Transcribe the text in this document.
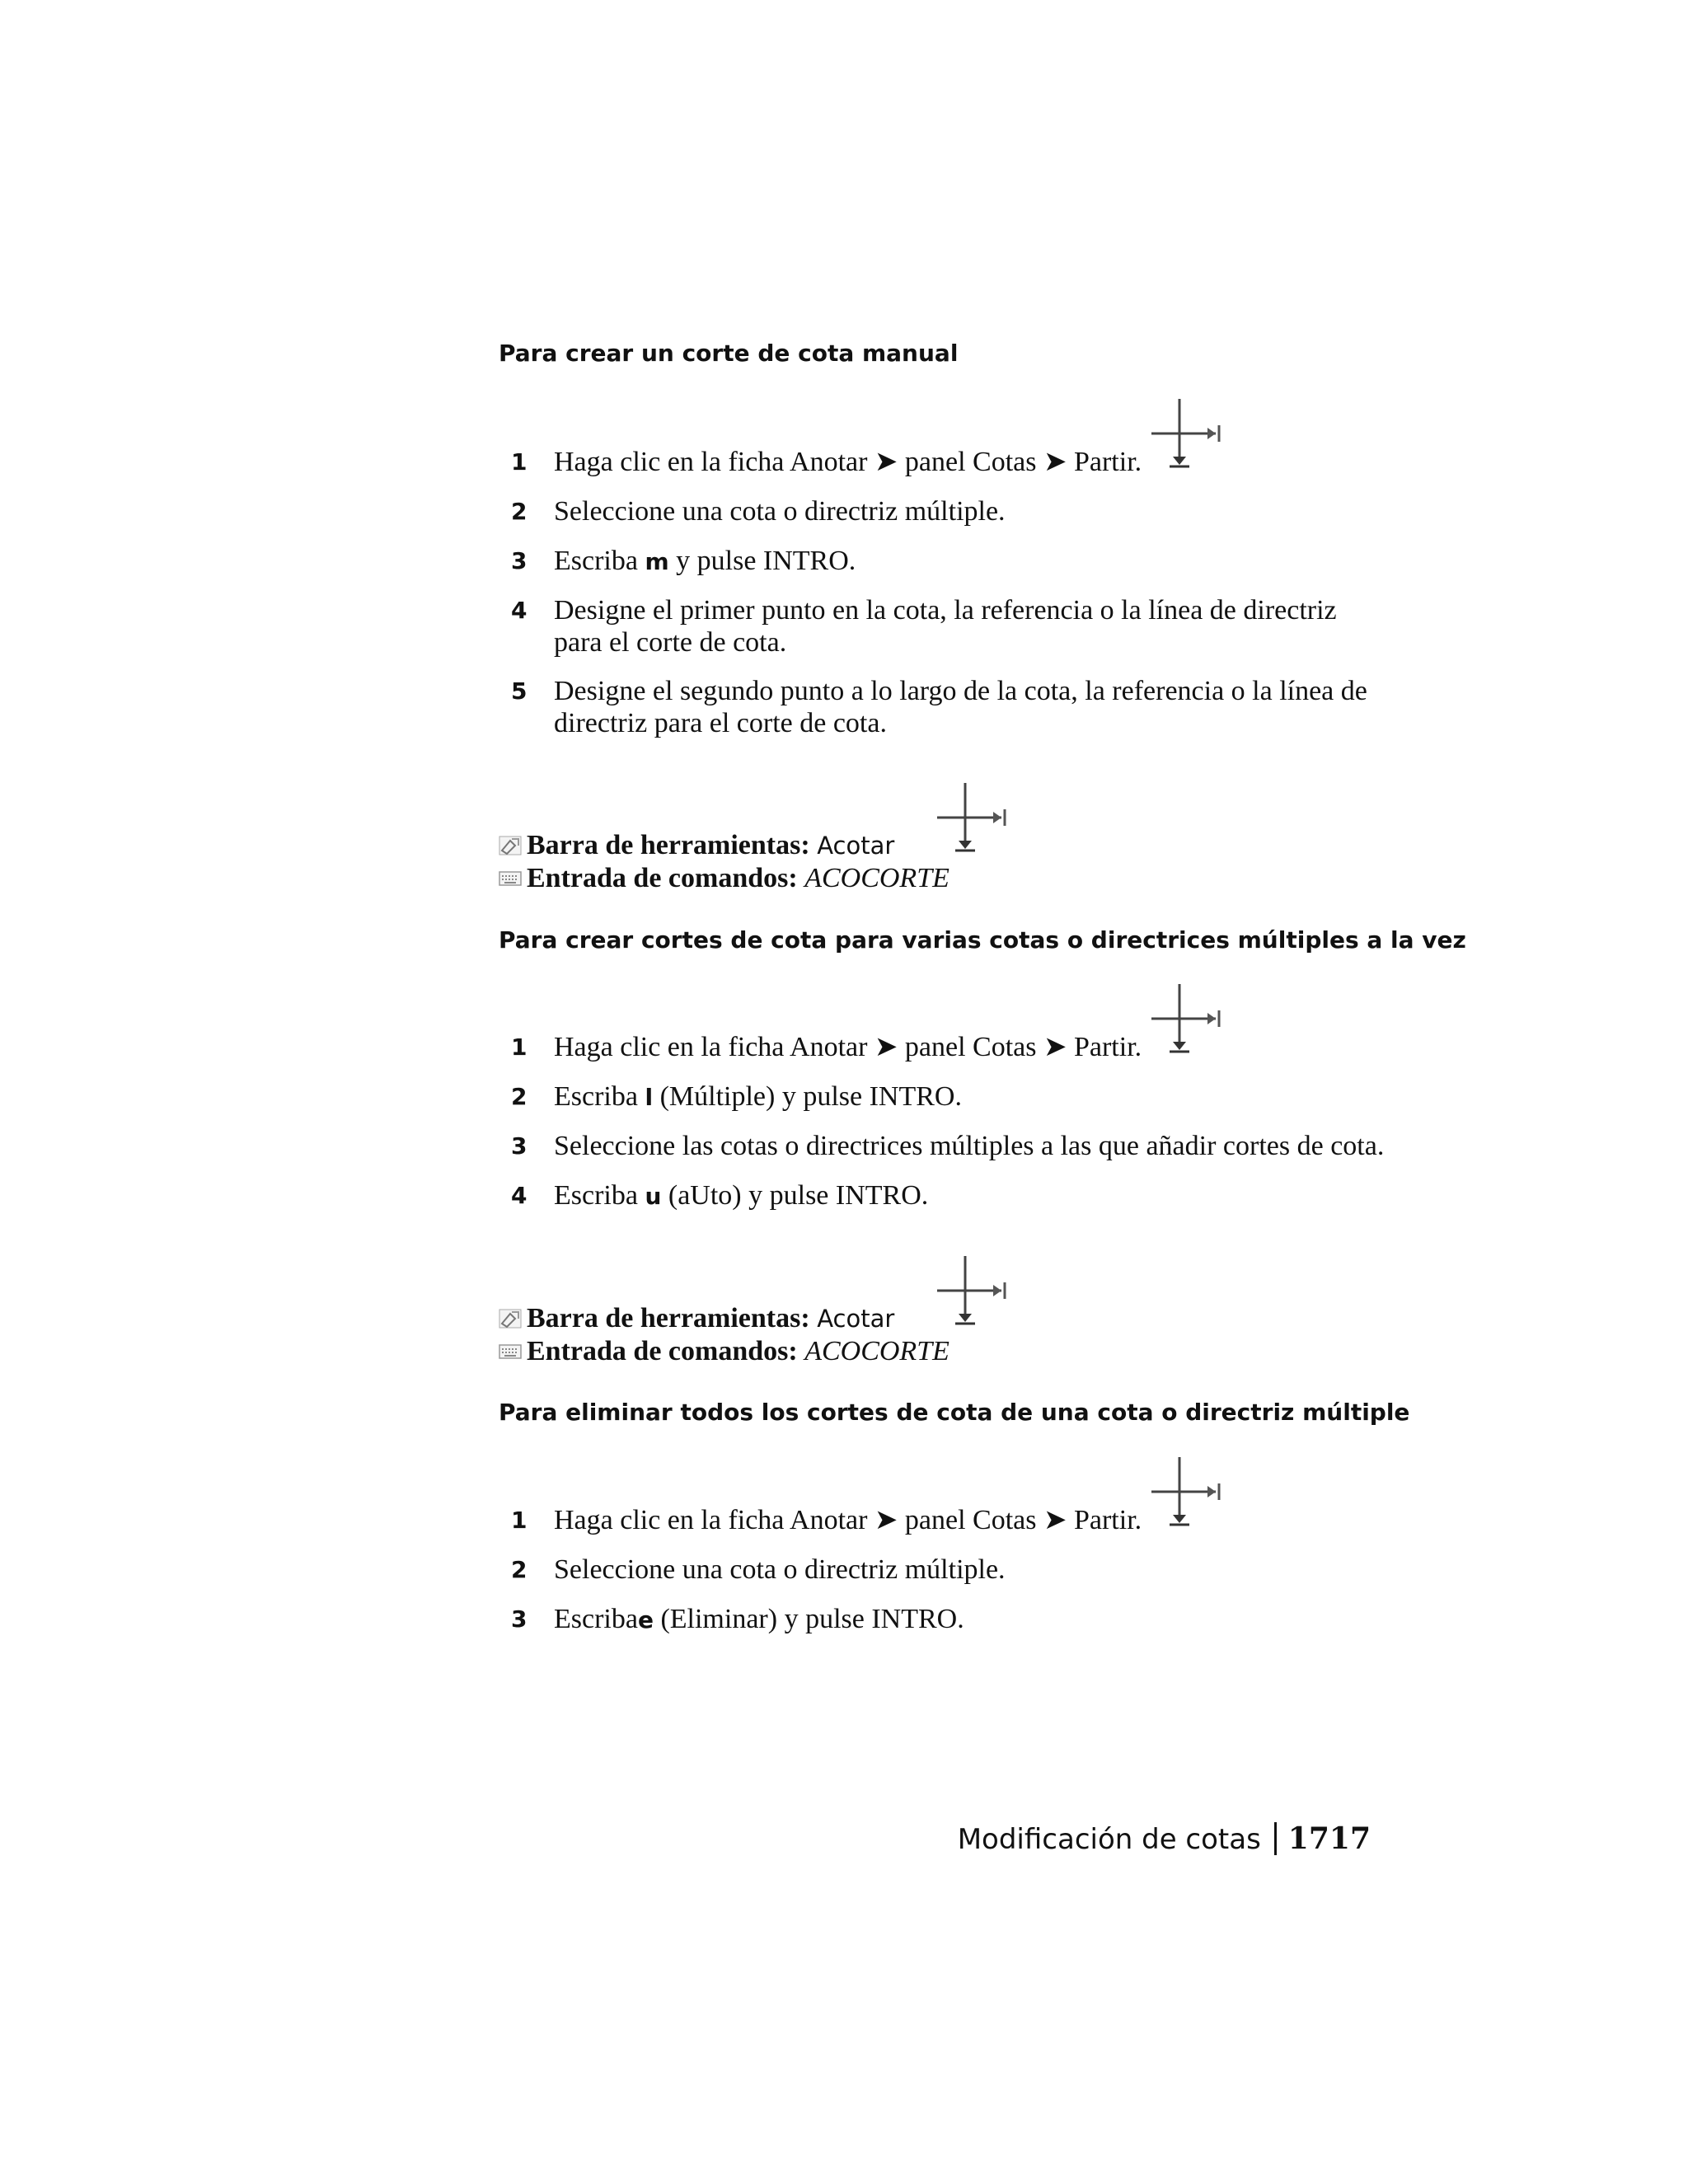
Para crear un corte de cota manual
1 Haga clic en la ficha Anotar ➤ panel Cotas ➤ Partir.
2 Seleccione una cota o directriz múltiple.
3 Escriba m y pulse INTRO.
4 Designe el primer punto en la cota, la referencia o la línea de directriz para el corte de cota.
5 Designe el segundo punto a lo largo de la cota, la referencia o la línea de directriz para el corte de cota.
Barra de herramientas: Acotar
Entrada de comandos: ACOCORTE
Para crear cortes de cota para varias cotas o directrices múltiples a la vez
1 Haga clic en la ficha Anotar ➤ panel Cotas ➤ Partir.
2 Escriba l (Múltiple) y pulse INTRO.
3 Seleccione las cotas o directrices múltiples a las que añadir cortes de cota.
4 Escriba u (aUto) y pulse INTRO.
Barra de herramientas: Acotar
Entrada de comandos: ACOCORTE
Para eliminar todos los cortes de cota de una cota o directriz múltiple
1 Haga clic en la ficha Anotar ➤ panel Cotas ➤ Partir.
2 Seleccione una cota o directriz múltiple.
3 Escribae (Eliminar) y pulse INTRO.
Modificación de cotas 1717
